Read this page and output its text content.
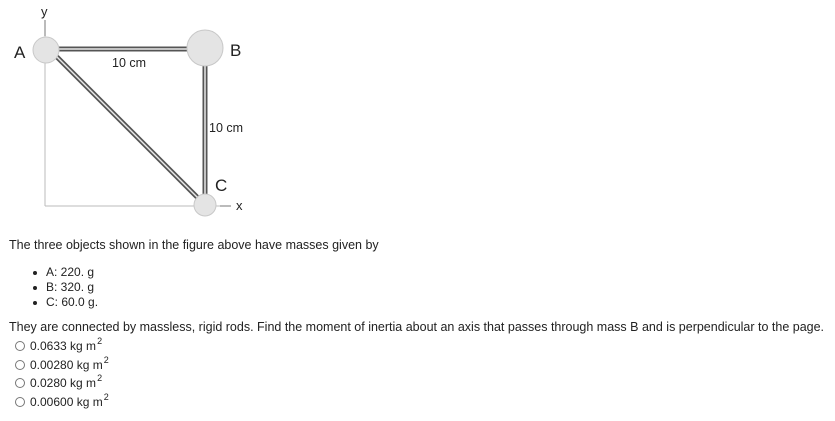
y
x
A	B
C
10 cm
10 cm
The three objects shown in the figure above have masses given by
A: 220. g
B: 320. g
C: 60.0 g.
They are connected by massless, rigid rods. Find the moment of inertia about an axis that passes through mass B and is perpendicular to the page.
0.0633
kg m 2
0.00280
kg m 2
0.0280
kg m 2
0.00600
kg m 2
